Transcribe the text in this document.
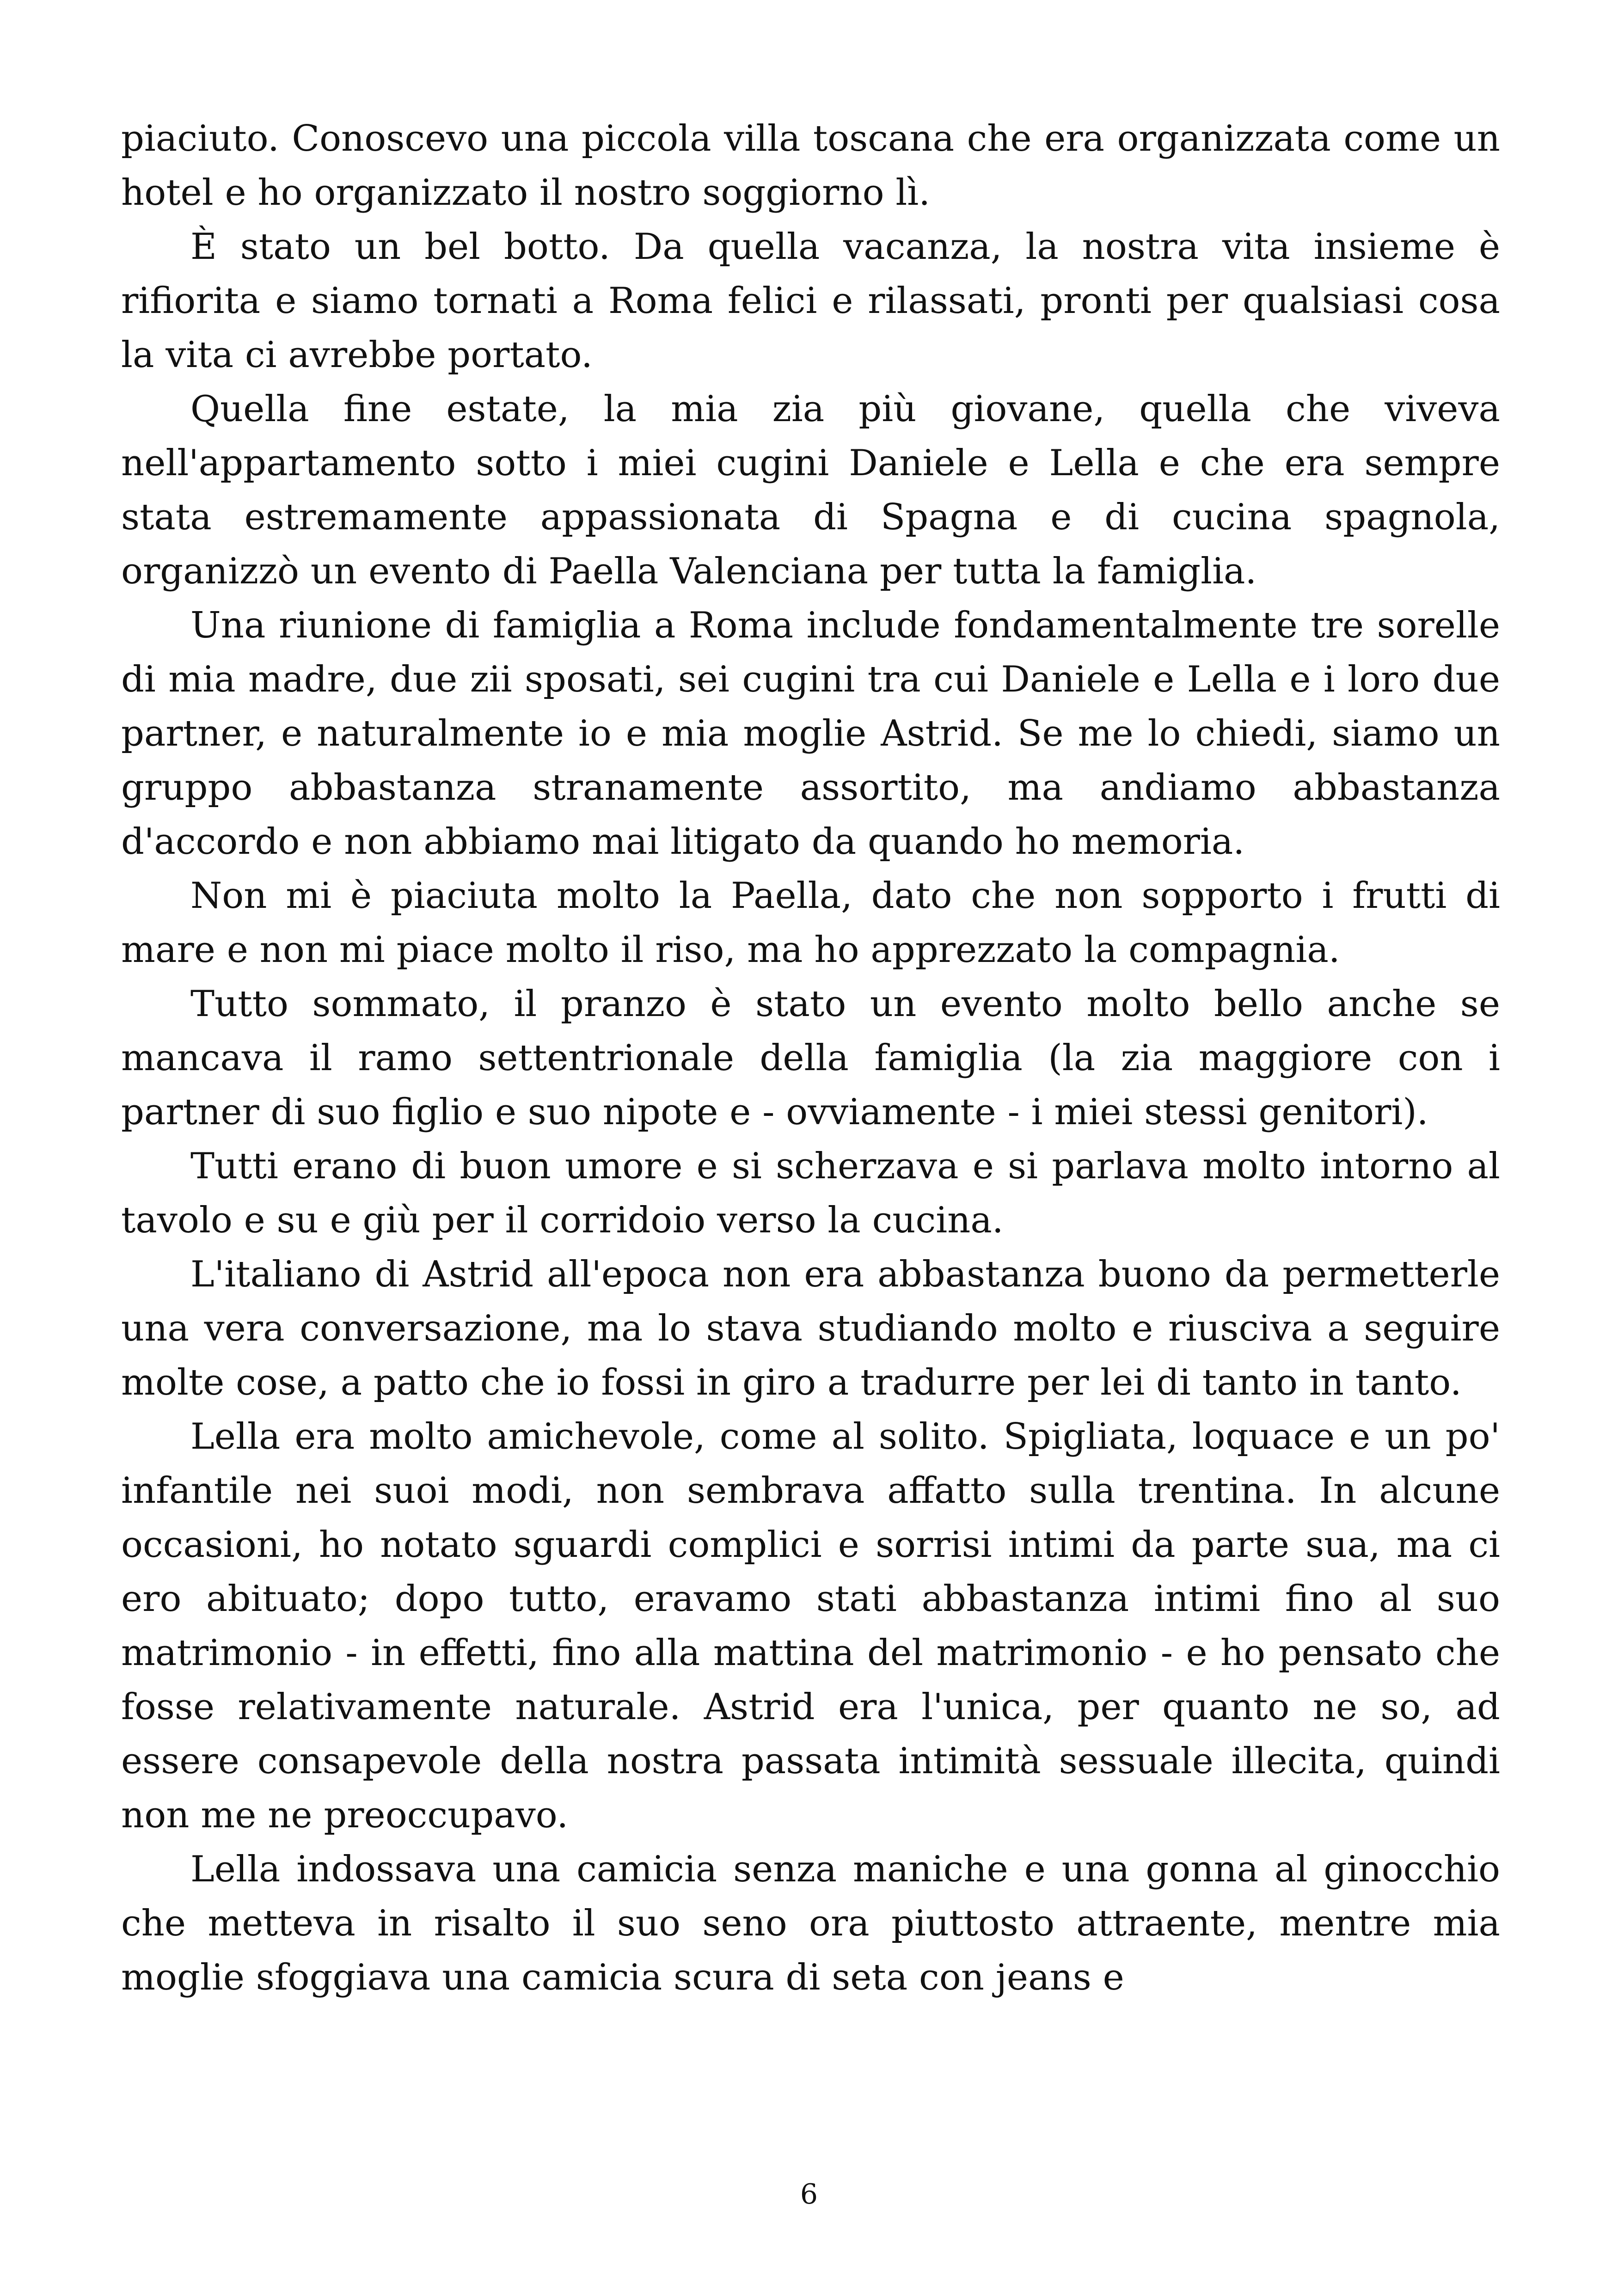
piaciuto. Conoscevo una piccola villa toscana che era organizzata come un hotel e ho organizzato il nostro soggiorno lì.

È stato un bel botto. Da quella vacanza, la nostra vita insieme è rifiorita e siamo tornati a Roma felici e rilassati, pronti per qualsiasi cosa la vita ci avrebbe portato.

Quella fine estate, la mia zia più giovane, quella che viveva nell'appartamento sotto i miei cugini Daniele e Lella e che era sempre stata estremamente appassionata di Spagna e di cucina spagnola, organizzò un evento di Paella Valenciana per tutta la famiglia.

Una riunione di famiglia a Roma include fondamentalmente tre sorelle di mia madre, due zii sposati, sei cugini tra cui Daniele e Lella e i loro due partner, e naturalmente io e mia moglie Astrid. Se me lo chiedi, siamo un gruppo abbastanza stranamente assortito, ma andiamo abbastanza d'accordo e non abbiamo mai litigato da quando ho memoria.

Non mi è piaciuta molto la Paella, dato che non sopporto i frutti di mare e non mi piace molto il riso, ma ho apprezzato la compagnia.

Tutto sommato, il pranzo è stato un evento molto bello anche se mancava il ramo settentrionale della famiglia (la zia maggiore con i partner di suo figlio e suo nipote e - ovviamente - i miei stessi genitori).

Tutti erano di buon umore e si scherzava e si parlava molto intorno al tavolo e su e giù per il corridoio verso la cucina.

L'italiano di Astrid all'epoca non era abbastanza buono da permetterle una vera conversazione, ma lo stava studiando molto e riusciva a seguire molte cose, a patto che io fossi in giro a tradurre per lei di tanto in tanto.

Lella era molto amichevole, come al solito. Spigliata, loquace e un po' infantile nei suoi modi, non sembrava affatto sulla trentina. In alcune occasioni, ho notato sguardi complici e sorrisi intimi da parte sua, ma ci ero abituato; dopo tutto, eravamo stati abbastanza intimi fino al suo matrimonio - in effetti, fino alla mattina del matrimonio - e ho pensato che fosse relativamente naturale. Astrid era l'unica, per quanto ne so, ad essere consapevole della nostra passata intimità sessuale illecita, quindi non me ne preoccupavo.

Lella indossava una camicia senza maniche e una gonna al ginocchio che metteva in risalto il suo seno ora piuttosto attraente, mentre mia moglie sfoggiava una camicia scura di seta con jeans e

6
